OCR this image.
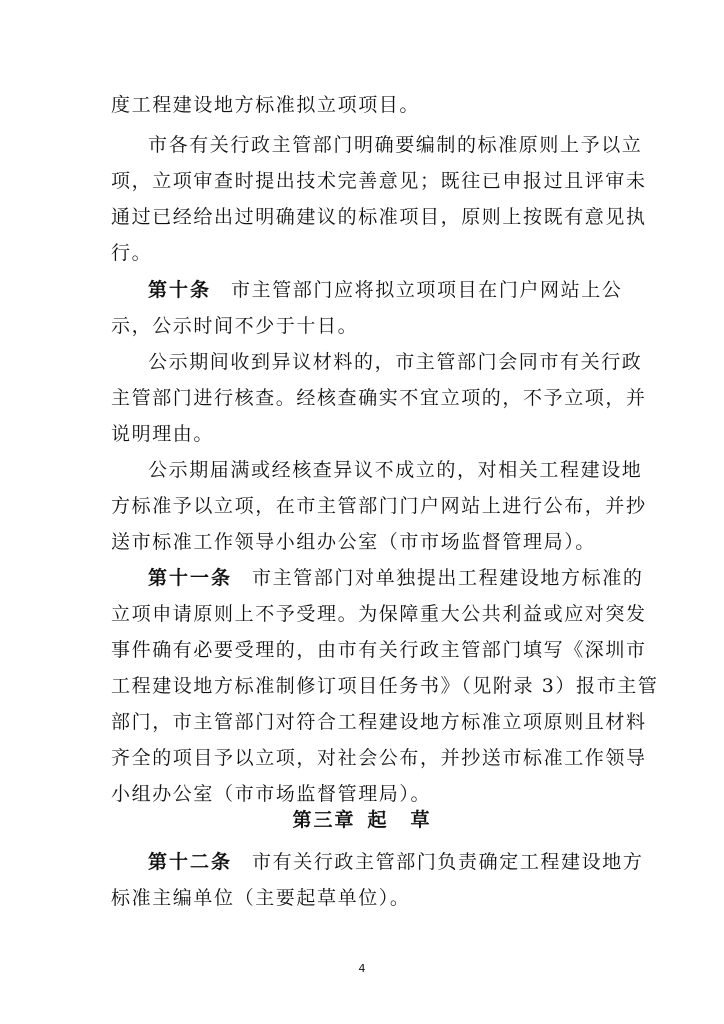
度工程建设地方标准拟立项项目。
市各有关行政主管部门明确要编制的标准原则上予以立
项，立项审查时提出技术完善意见；既往已申报过且评审未
通过已经给出过明确建议的标准项目，原则上按既有意见执
行。
第十条 市主管部门应将拟立项项目在门户网站上公
示，公示时间不少于十日。
公示期间收到异议材料的，市主管部门会同市有关行政
主管部门进行核查。经核查确实不宜立项的，不予立项，并
说明理由。
公示期届满或经核查异议不成立的，对相关工程建设地
方标准予以立项，在市主管部门门户网站上进行公布，并抄
送市标准工作领导小组办公室（市市场监督管理局）。
第十一条 市主管部门对单独提出工程建设地方标准的
立项申请原则上不予受理。为保障重大公共利益或应对突发
事件确有必要受理的，由市有关行政主管部门填写《深圳市
工程建设地方标准制修订项目任务书》（见附录 3）报市主管
部门，市主管部门对符合工程建设地方标准立项原则且材料
齐全的项目予以立项，对社会公布，并抄送市标准工作领导
小组办公室（市市场监督管理局）。
第三章 起 草
第十二条 市有关行政主管部门负责确定工程建设地方
标准主编单位（主要起草单位）。
4
